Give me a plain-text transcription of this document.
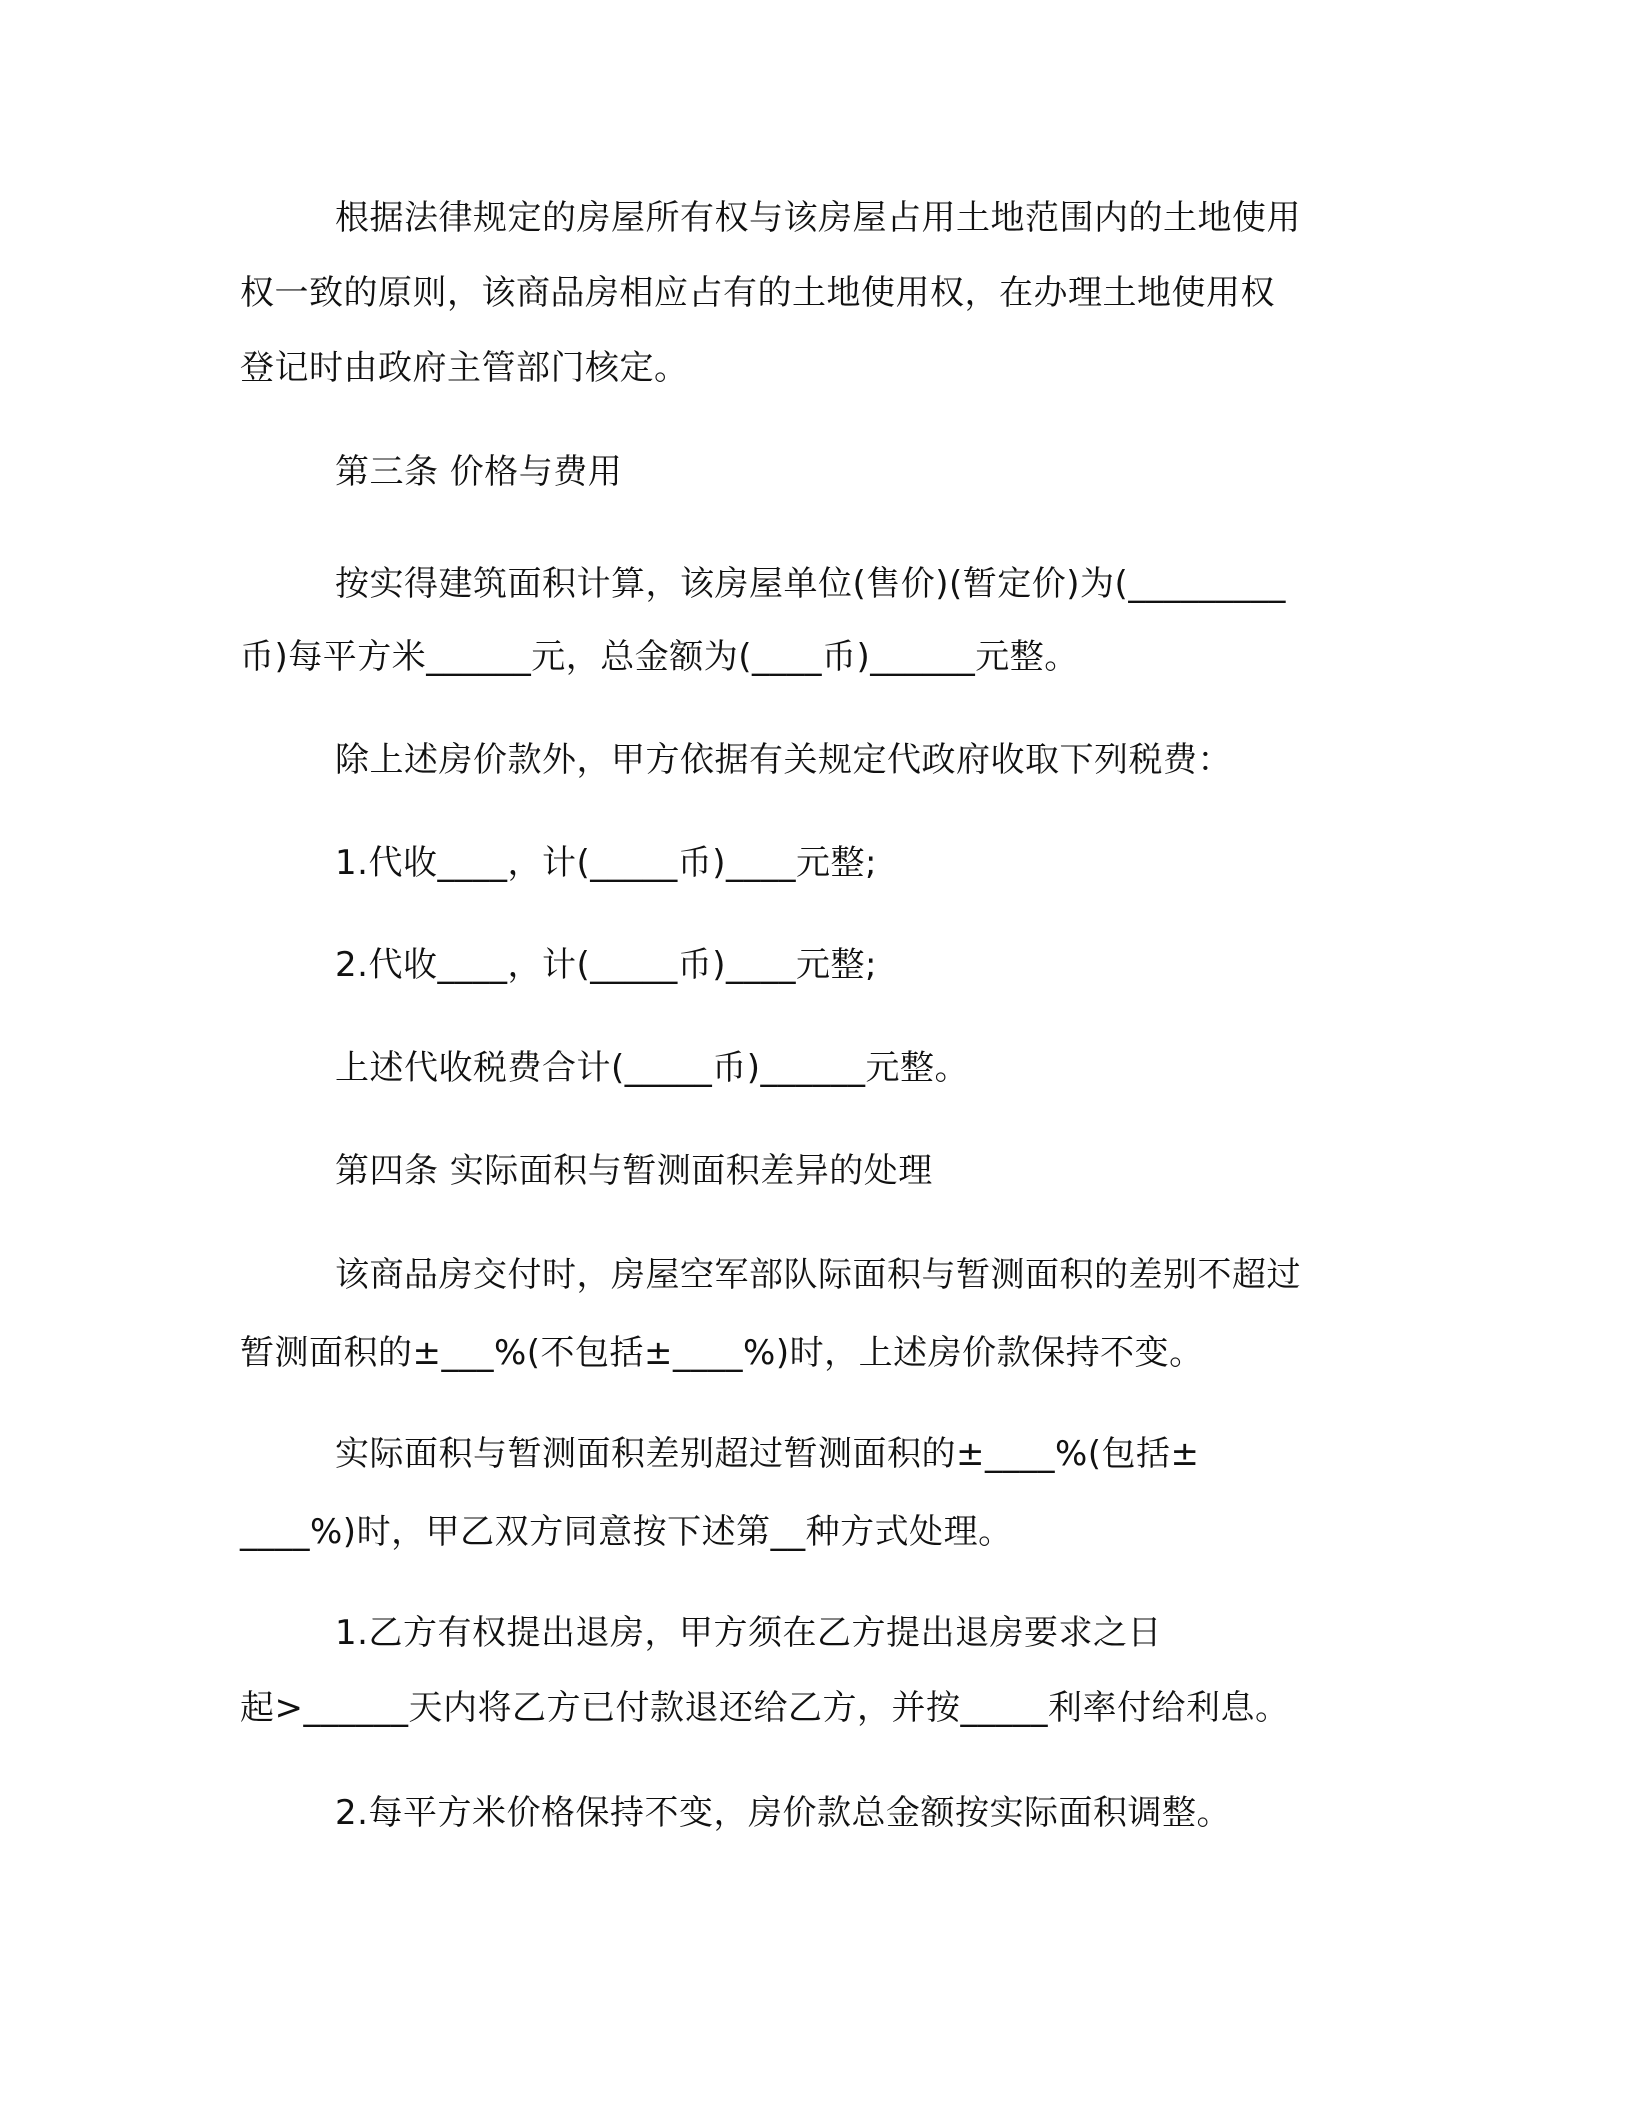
根据法律规定的房屋所有权与该房屋占用土地范围内的土地使用
权一致的原则，该商品房相应占有的土地使用权，在办理土地使用权
登记时由政府主管部门核定。
第三条 价格与费用
按实得建筑面积计算，该房屋单位(售价)(暂定价)为(_________
币)每平方米______元，总金额为(____币)______元整。
除上述房价款外，甲方依据有关规定代政府收取下列税费：
1.代收____，计(_____币)____元整;
2.代收____，计(_____币)____元整;
上述代收税费合计(_____币)______元整。
第四条 实际面积与暂测面积差异的处理
该商品房交付时，房屋空军部队际面积与暂测面积的差别不超过
暂测面积的±___%(不包括±____%)时，上述房价款保持不变。
实际面积与暂测面积差别超过暂测面积的±____%(包括±
____%)时，甲乙双方同意按下述第__种方式处理。
1.乙方有权提出退房，甲方须在乙方提出退房要求之日
起>______天内将乙方已付款退还给乙方，并按_____利率付给利息。
2.每平方米价格保持不变，房价款总金额按实际面积调整。
